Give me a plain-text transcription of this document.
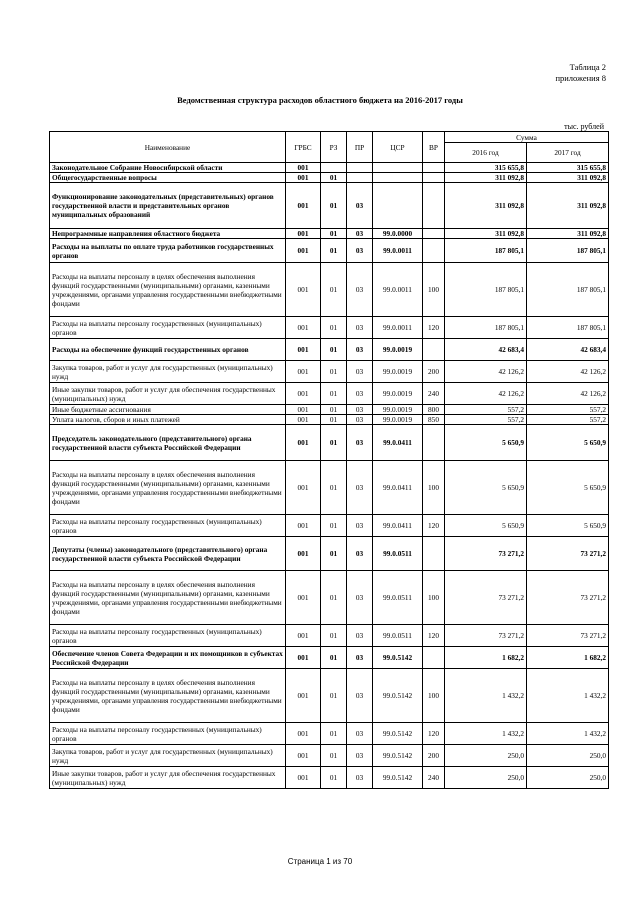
Таблица 2
приложения 8
Ведомственная структура расходов областного бюджета на 2016-2017 годы
тыс. рублей
Наименование	ГРБС	РЗ	ПР	ЦСР	ВР	Сумма	
						2016 год	2017 год
Законодательное Собрание Новосибирской области	001					315 655,8	315 655,8
Общегосударственные вопросы	001	01				311 092,8	311 092,8
Функционирование законодательных (представительных) органов государственной власти и представительных органов муниципальных образований	001	01	03			311 092,8	311 092,8
Непрограммные направления областного бюджета	001	01	03	99.0.0000		311 092,8	311 092,8
Расходы на выплаты по оплате труда работников государственных органов	001	01	03	99.0.0011		187 805,1	187 805,1
Расходы на выплаты персоналу в целях обеспечения выполнения функций государственными (муниципальными) органами, казенными учреждениями, органами управления государственными внебюджетными фондами	001	01	03	99.0.0011	100	187 805,1	187 805,1
Расходы на выплаты персоналу государственных (муниципальных) органов	001	01	03	99.0.0011	120	187 805,1	187 805,1
Расходы на обеспечение функций государственных органов	001	01	03	99.0.0019		42 683,4	42 683,4
Закупка товаров, работ и услуг для государственных (муниципальных) нужд	001	01	03	99.0.0019	200	42 126,2	42 126,2
Иные закупки товаров, работ и услуг для обеспечения государственных (муниципальных) нужд	001	01	03	99.0.0019	240	42 126,2	42 126,2
Иные бюджетные ассигнования	001	01	03	99.0.0019	800	557,2	557,2
Уплата налогов, сборов и иных платежей	001	01	03	99.0.0019	850	557,2	557,2
Председатель законодательного (представительного) органа государственной власти субъекта Российской Федерации	001	01	03	99.0.0411		5 650,9	5 650,9
Расходы на выплаты персоналу в целях обеспечения выполнения функций государственными (муниципальными) органами, казенными учреждениями, органами управления государственными внебюджетными фондами	001	01	03	99.0.0411	100	5 650,9	5 650,9
Расходы на выплаты персоналу государственных (муниципальных) органов	001	01	03	99.0.0411	120	5 650,9	5 650,9
Депутаты (члены) законодательного (представительного) органа государственной власти субъекта Российской Федерации	001	01	03	99.0.0511		73 271,2	73 271,2
Расходы на выплаты персоналу в целях обеспечения выполнения функций государственными (муниципальными) органами, казенными учреждениями, органами управления государственными внебюджетными фондами	001	01	03	99.0.0511	100	73 271,2	73 271,2
Расходы на выплаты персоналу государственных (муниципальных) органов	001	01	03	99.0.0511	120	73 271,2	73 271,2
Обеспечение членов Совета Федерации и их помощников в субъектах Российской Федерации	001	01	03	99.0.5142		1 682,2	1 682,2
Расходы на выплаты персоналу в целях обеспечения выполнения функций государственными (муниципальными) органами, казенными учреждениями, органами управления государственными внебюджетными фондами	001	01	03	99.0.5142	100	1 432,2	1 432,2
Расходы на выплаты персоналу государственных (муниципальных) органов	001	01	03	99.0.5142	120	1 432,2	1 432,2
Закупка товаров, работ и услуг для государственных (муниципальных) нужд	001	01	03	99.0.5142	200	250,0	250,0
Иные закупки товаров, работ и услуг для обеспечения государственных (муниципальных) нужд	001	01	03	99.0.5142	240	250,0	250,0
Страница 1 из 70
